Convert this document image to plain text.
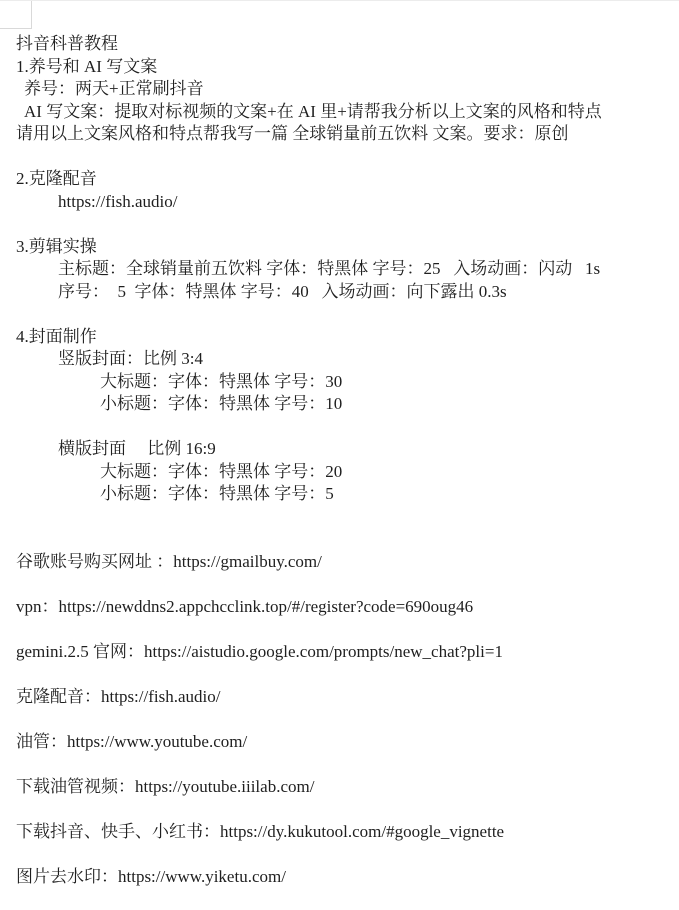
抖音科普教程
1.养号和 AI 写文案
养号：两天+正常刷抖音
AI 写文案：提取对标视频的文案+在 AI 里+请帮我分析以上文案的风格和特点
请用以上文案风格和特点帮我写一篇 全球销量前五饮料 文案。要求：原创
2.克隆配音
https://fish.audio/
3.剪辑实操
主标题：全球销量前五饮料 字体：特黑体 字号：25   入场动画：闪动   1s
序号：  5  字体：特黑体 字号：40   入场动画：向下露出 0.3s
4.封面制作
竖版封面：比例 3:4
大标题：字体：特黑体 字号：30
小标题：字体：特黑体 字号：10
横版封面     比例 16:9
大标题：字体：特黑体 字号：20
小标题：字体：特黑体 字号：5
谷歌账号购买网址 ：https://gmailbuy.com/
vpn：https://newddns2.appchcclink.top/#/register?code=690oug46
gemini.2.5 官网：https://aistudio.google.com/prompts/new_chat?pli=1
克隆配音：https://fish.audio/
油管：https://www.youtube.com/
下载油管视频：https://youtube.iiilab.com/
下载抖音、快手、小红书：https://dy.kukutool.com/#google_vignette
图片去水印：https://www.yiketu.com/
